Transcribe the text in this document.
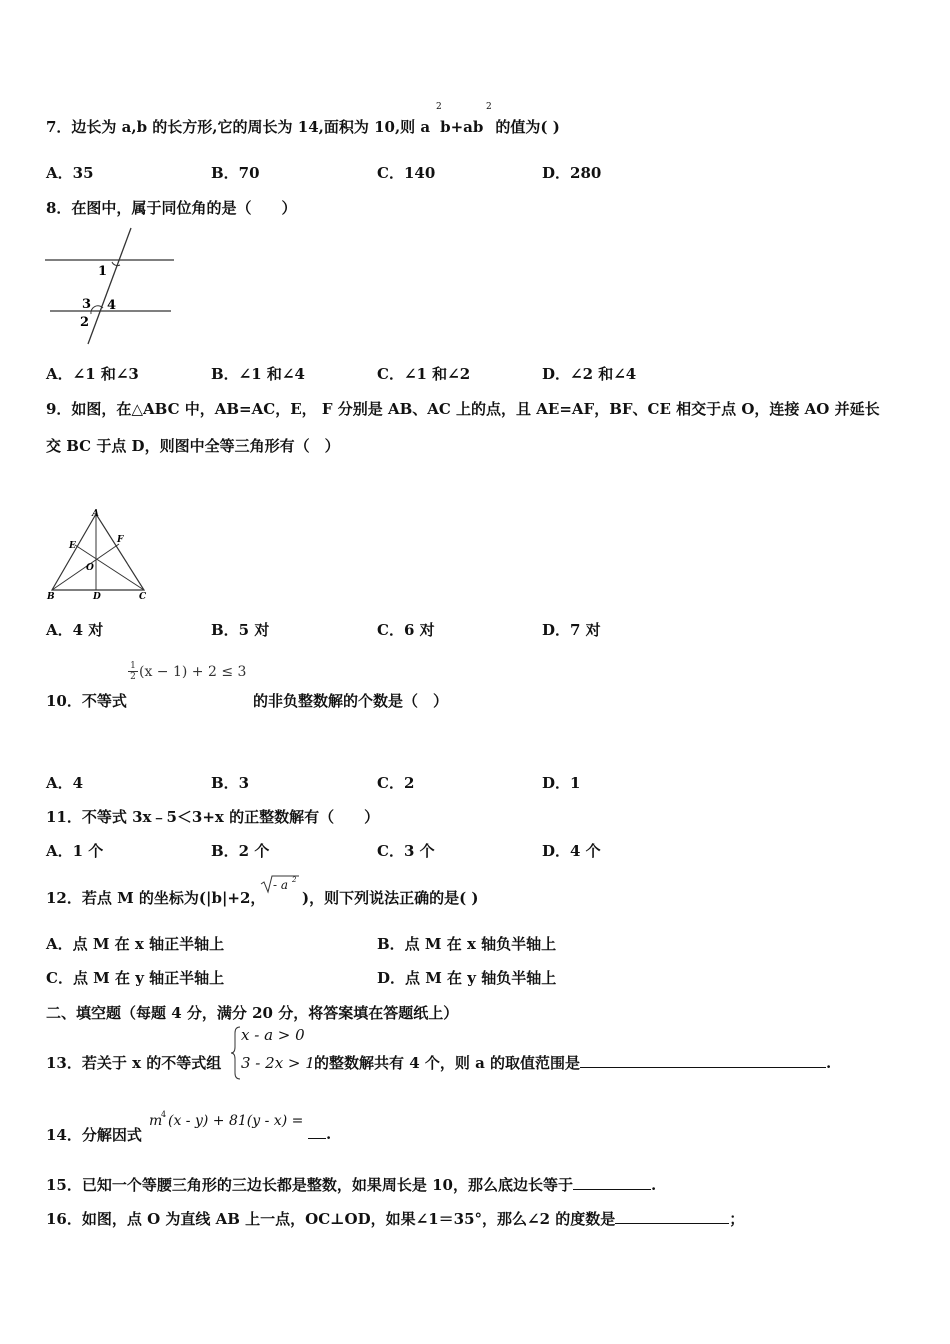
7．边长为 a,b 的长方形,它的周长为 14,面积为 10,则 a b+ab 的值为( )
2	2
A．35	B．70	C．140	D．280
8．在图中，属于同位角的是（　　）
1
3 4
2
A．∠1 和∠3	B．∠1 和∠4	C．∠1 和∠2	D．∠2 和∠4
9．如图，在△ABC 中，AB=AC，E， F 分别是 AB、AC 上的点，且 AE=AF，BF、CE 相交于点 O，连接 AO 并延长
交 BC 于点 D，则图中全等三角形有（　）
A
E
F
O
B	D	C
A．4 对	B．5 对	C．6 对	D．7 对
10．不等式	的非负整数解的个数是（　）
$\frac{1}{2} (x - 1) + 2 \le 3$
A．4	B．3	C．2	D．1
11．不等式 3x﹣5＜3+x 的正整数解有（　　）
A．1 个	B．2 个	C．3 个	D．4 个
12．若点 M 的坐标为(|b|+2， )，则下列说法正确的是( )
- a 2
A．点 M 在 x 轴正半轴上	B．点 M 在 x 轴负半轴上
C．点 M 在 y 轴正半轴上	D．点 M 在 y 轴负半轴上
二、填空题（每题 4 分，满分 20 分，将答案填在答题纸上）
13．若关于 x 的不等式组
x - a > 0
3 - 2x > 1 的整数解共有 4 个，则 a 的取值范围是	.
14．分解因式
m
4 (x - y) + 81(y - x) =
.
15．已知一个等腰三角形的三边长都是整数，如果周长是 10，那么底边长等于	.
16．如图，点 O 为直线 AB 上一点，OC⊥OD，如果∠1＝35°，那么∠2 的度数是	；
